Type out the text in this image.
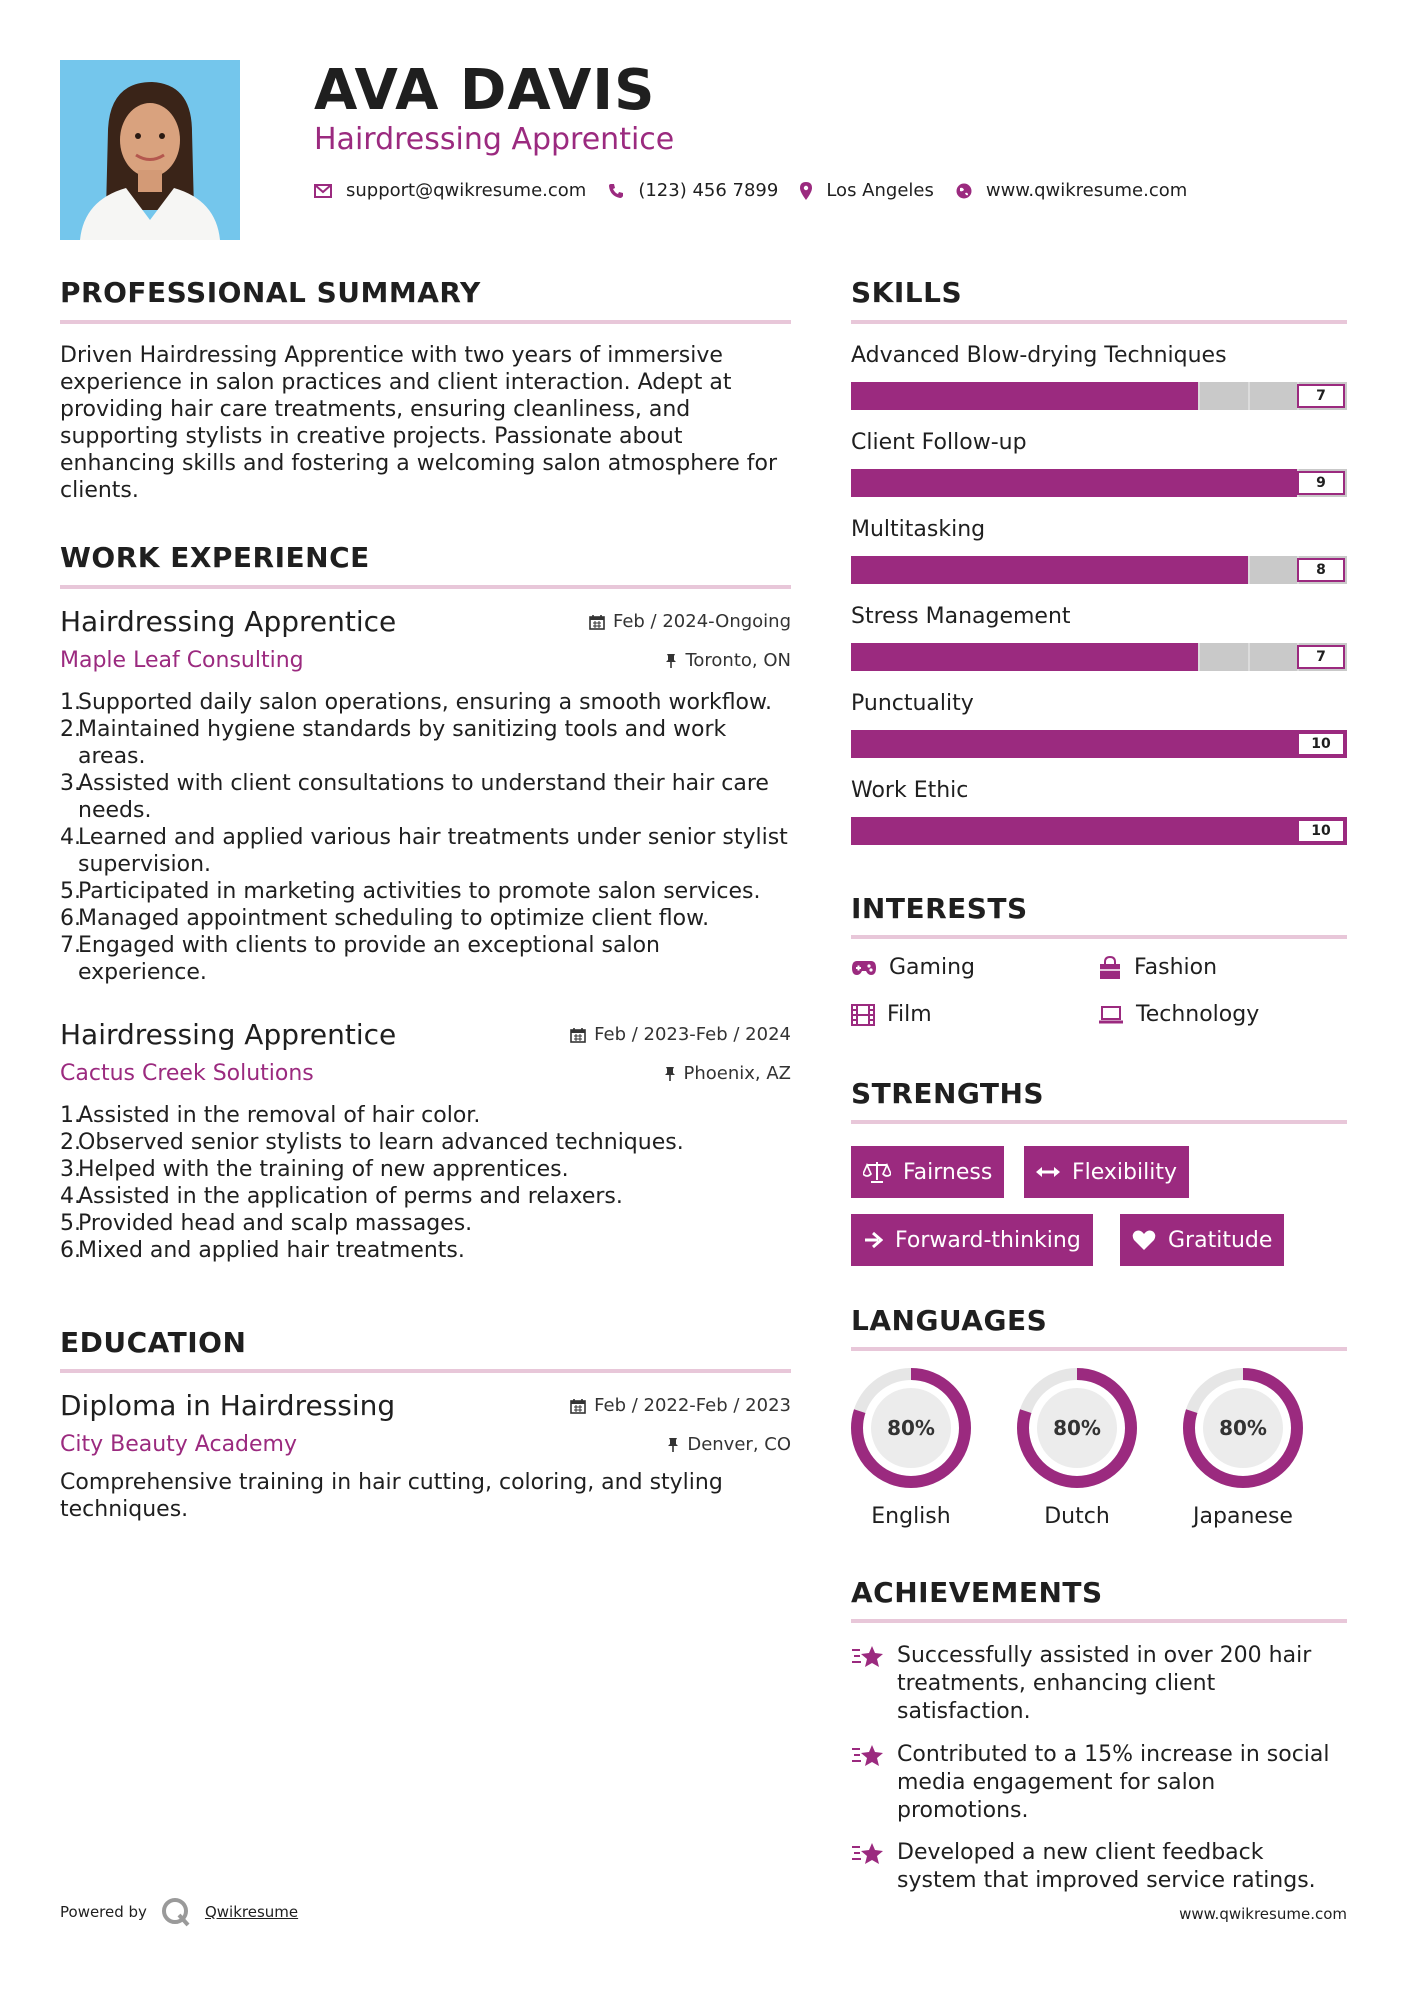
AVA DAVIS
Hairdressing Apprentice
support@qwikresume.com	(123) 456 7899	Los Angeles	www.qwikresume.com
PROFESSIONAL SUMMARY
Driven Hairdressing Apprentice with two years of immersive experience in salon practices and client interaction. Adept at providing hair care treatments, ensuring cleanliness, and supporting stylists in creative projects. Passionate about enhancing skills and fostering a welcoming salon atmosphere for clients.
WORK EXPERIENCE
Hairdressing Apprentice	Feb / 2024-Ongoing
Maple Leaf Consulting	Toronto, ON
Supported daily salon operations, ensuring a smooth workflow.
Maintained hygiene standards by sanitizing tools and work areas.
Assisted with client consultations to understand their hair care needs.
Learned and applied various hair treatments under senior stylist supervision.
Participated in marketing activities to promote salon services.
Managed appointment scheduling to optimize client flow.
Engaged with clients to provide an exceptional salon experience.
Hairdressing Apprentice	Feb / 2023-Feb / 2024
Cactus Creek Solutions	Phoenix, AZ
Assisted in the removal of hair color.
Observed senior stylists to learn advanced techniques.
Helped with the training of new apprentices.
Assisted in the application of perms and relaxers.
Provided head and scalp massages.
Mixed and applied hair treatments.
EDUCATION
Diploma in Hairdressing	Feb / 2022-Feb / 2023
City Beauty Academy	Denver, CO
Comprehensive training in hair cutting, coloring, and styling techniques.
SKILLS
Advanced Blow-drying Techniques
7
Client Follow-up
9
Multitasking
8
Stress Management
7
Punctuality
10
Work Ethic
10
INTERESTS
Gaming	Fashion
Film	Technology
STRENGTHS
Fairness	Flexibility
Forward-thinking	Gratitude
LANGUAGES
80%
English
80%
Dutch
80%
Japanese
ACHIEVEMENTS
Successfully assisted in over 200 hair treatments, enhancing client satisfaction.
Contributed to a 15% increase in social media engagement for salon promotions.
Developed a new client feedback system that improved service ratings.
Powered by	Qwikresume	www.qwikresume.com
